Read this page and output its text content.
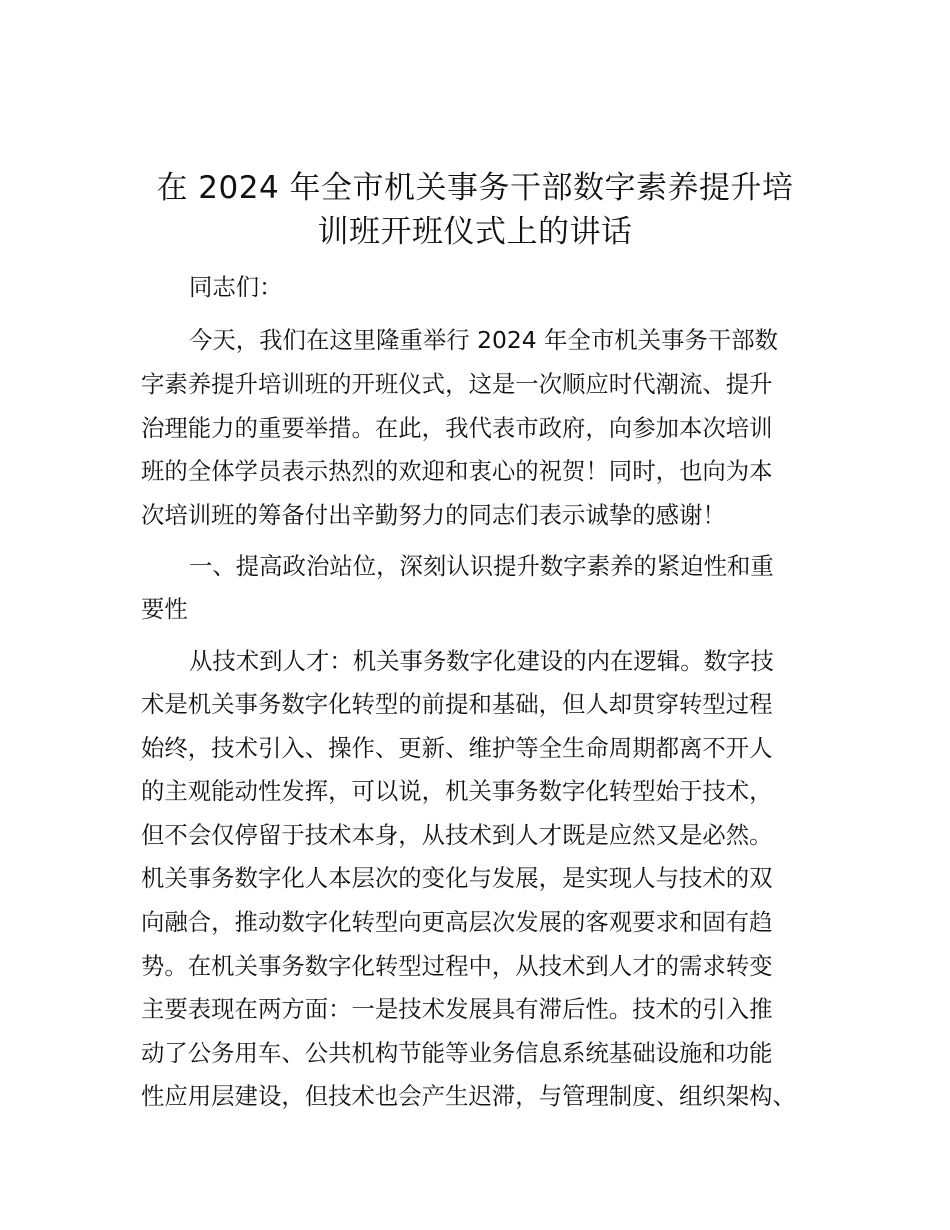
在 2024 年全市机关事务干部数字素养提升培
训班开班仪式上的讲话

同志们：

今天，我们在这里隆重举行 2024 年全市机关事务干部数

字素养提升培训班的开班仪式，这是一次顺应时代潮流、提升

治理能力的重要举措。在此，我代表市政府，向参加本次培训

班的全体学员表示热烈的欢迎和衷心的祝贺！同时，也向为本

次培训班的筹备付出辛勤努力的同志们表示诚挚的感谢！

一、提高政治站位，深刻认识提升数字素养的紧迫性和重

要性

从技术到人才：机关事务数字化建设的内在逻辑。数字技

术是机关事务数字化转型的前提和基础，但人却贯穿转型过程

始终，技术引入、操作、更新、维护等全生命周期都离不开人

的主观能动性发挥，可以说，机关事务数字化转型始于技术，

但不会仅停留于技术本身，从技术到人才既是应然又是必然。

机关事务数字化人本层次的变化与发展，是实现人与技术的双

向融合，推动数字化转型向更高层次发展的客观要求和固有趋

势。在机关事务数字化转型过程中，从技术到人才的需求转变

主要表现在两方面：一是技术发展具有滞后性。技术的引入推

动了公务用车、公共机构节能等业务信息系统基础设施和功能

性应用层建设，但技术也会产生迟滞，与管理制度、组织架构、
